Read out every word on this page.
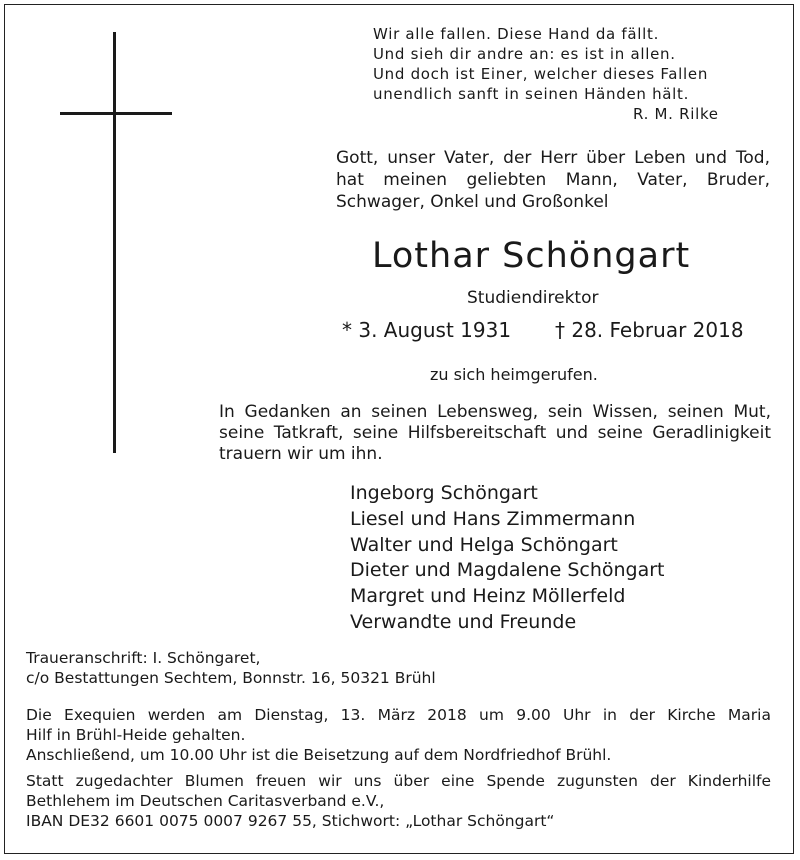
Wir alle fallen. Diese Hand da fällt.
Und sieh dir andre an: es ist in allen.
Und doch ist Einer, welcher dieses Fallen
unendlich sanft in seinen Händen hält.
R. M. Rilke
Gott, unser Vater, der Herr über Leben und Tod,
hat meinen geliebten Mann, Vater, Bruder,
Schwager, Onkel und Großonkel
Lothar Schöngart
Studiendirektor
* 3. August 1931 † 28. Februar 2018
zu sich heimgerufen.
In Gedanken an seinen Lebensweg, sein Wissen, seinen Mut,
seine Tatkraft, seine Hilfsbereitschaft und seine Geradlinigkeit
trauern wir um ihn.
Ingeborg Schöngart
Liesel und Hans Zimmermann
Walter und Helga Schöngart
Dieter und Magdalene Schöngart
Margret und Heinz Möllerfeld
Verwandte und Freunde
Traueranschrift: I. Schöngaret,
c/o Bestattungen Sechtem, Bonnstr. 16, 50321 Brühl
Die Exequien werden am Dienstag, 13. März 2018 um 9.00 Uhr in der Kirche Maria
Hilf in Brühl-Heide gehalten.
Anschließend, um 10.00 Uhr ist die Beisetzung auf dem Nordfriedhof Brühl.
Statt zugedachter Blumen freuen wir uns über eine Spende zugunsten der Kinderhilfe
Bethlehem im Deutschen Caritasverband e.V.,
IBAN DE32 6601 0075 0007 9267 55, Stichwort: „Lothar Schöngart“
